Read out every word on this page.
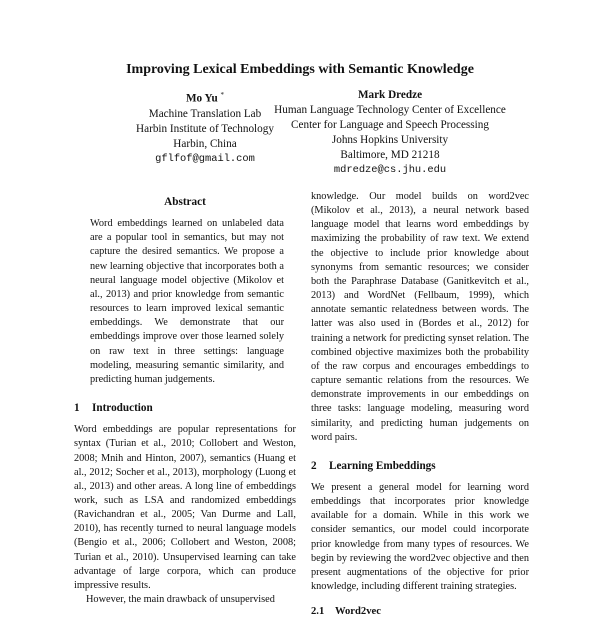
Improving Lexical Embeddings with Semantic Knowledge
Mo Yu *
Machine Translation Lab
Harbin Institute of Technology
Harbin, China
gflfof@gmail.com
Mark Dredze
Human Language Technology Center of Excellence
Center for Language and Speech Processing
Johns Hopkins University
Baltimore, MD 21218
mdredze@cs.jhu.edu
Abstract

Word embeddings learned on unlabeled data are a popular tool in semantics, but may not capture the desired semantics. We propose a new learning objective that incorporates both a neural language model objective (Mikolov et al., 2013) and prior knowledge from semantic resources to learn improved lexical semantic embeddings. We demonstrate that our embeddings improve over those learned solely on raw text in three settings: language modeling, measuring semantic similarity, and predicting human judgements.

1 Introduction

Word embeddings are popular representations for syntax (Turian et al., 2010; Collobert and Weston, 2008; Mnih and Hinton, 2007), semantics (Huang et al., 2012; Socher et al., 2013), morphology (Luong et al., 2013) and other areas. A long line of embeddings work, such as LSA and randomized embeddings (Ravichandran et al., 2005; Van Durme and Lall, 2010), has recently turned to neural language models (Bengio et al., 2006; Collobert and Weston, 2008; Turian et al., 2010). Unsupervised learning can take advantage of large corpora, which can produce impressive results.

However, the main drawback of unsupervised

knowledge. Our model builds on word2vec (Mikolov et al., 2013), a neural network based language model that learns word embeddings by maximizing the probability of raw text. We extend the objective to include prior knowledge about synonyms from semantic resources; we consider both the Paraphrase Database (Ganitkevitch et al., 2013) and WordNet (Fellbaum, 1999), which annotate semantic relatedness between words. The latter was also used in (Bordes et al., 2012) for training a network for predicting synset relation. The combined objective maximizes both the probability of the raw corpus and encourages embeddings to capture semantic relations from the resources. We demonstrate improvements in our embeddings on three tasks: language modeling, measuring word similarity, and predicting human judgements on word pairs.

2 Learning Embeddings

We present a general model for learning word embeddings that incorporates prior knowledge available for a domain. While in this work we consider semantics, our model could incorporate prior knowledge from many types of resources. We begin by reviewing the word2vec objective and then present augmentations of the objective for prior knowledge, including different training strategies.

2.1 Word2vec
